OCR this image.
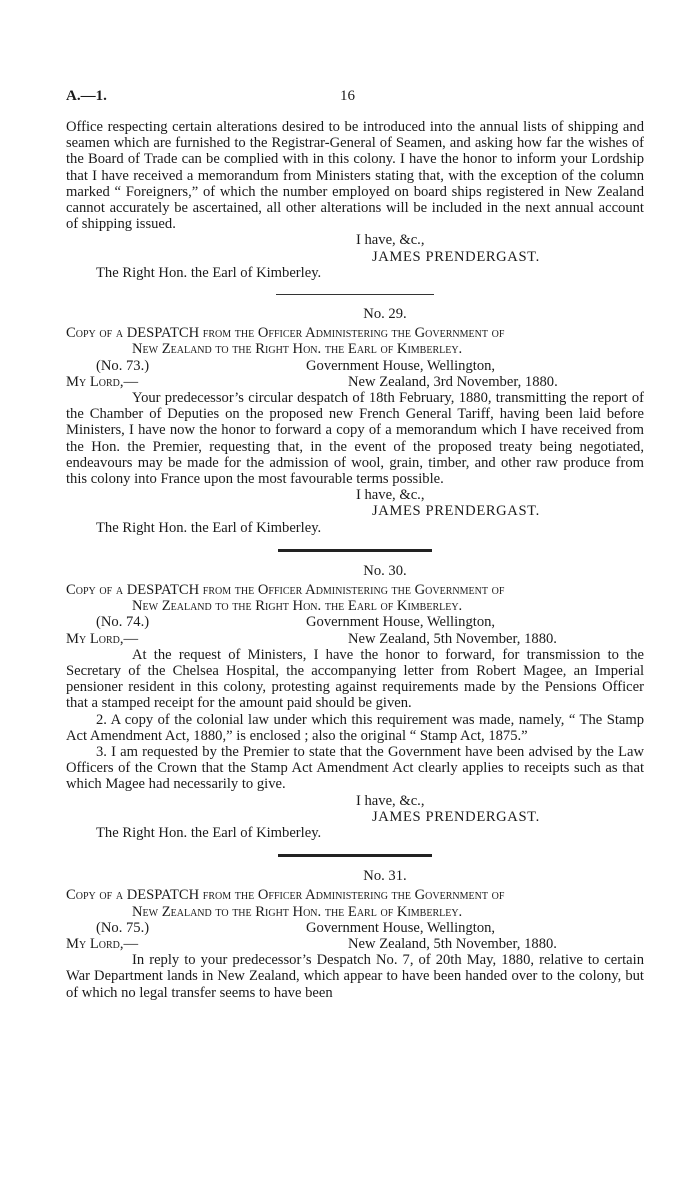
A.—1.	16

Office respecting certain alterations desired to be introduced into the annual lists of shipping and seamen which are furnished to the Registrar-General of Seamen, and asking how far the wishes of the Board of Trade can be complied with in this colony. I have the honor to inform your Lordship that I have received a memorandum from Ministers stating that, with the exception of the column marked “ Foreigners,” of which the number employed on board ships registered in New Zealand cannot accurately be ascertained, all other alterations will be included in the next annual account of shipping issued.

I have, &c.,

JAMES PRENDERGAST.

The Right Hon. the Earl of Kimberley.

No. 29.

Copy of a DESPATCH from the Officer Administering the Government of
New Zealand to the Right Hon. the Earl of Kimberley.

(No. 73.)	Government House, Wellington,
My Lord,—	New Zealand, 3rd November, 1880.

Your predecessor’s circular despatch of 18th February, 1880, transmitting the report of the Chamber of Deputies on the proposed new French General Tariff, having been laid before Ministers, I have now the honor to forward a copy of a memorandum which I have received from the Hon. the Premier, requesting that, in the event of the proposed treaty being negotiated, endeavours may be made for the admission of wool, grain, timber, and other raw produce from this colony into France upon the most favourable terms possible.

I have, &c.,

JAMES PRENDERGAST.

The Right Hon. the Earl of Kimberley.

No. 30.

Copy of a DESPATCH from the Officer Administering the Government of
New Zealand to the Right Hon. the Earl of Kimberley.

(No. 74.)	Government House, Wellington,
My Lord,—	New Zealand, 5th November, 1880.

At the request of Ministers, I have the honor to forward, for transmission to the Secretary of the Chelsea Hospital, the accompanying letter from Robert Magee, an Imperial pensioner resident in this colony, protesting against requirements made by the Pensions Officer that a stamped receipt for the amount paid should be given.

2. A copy of the colonial law under which this requirement was made, namely, “ The Stamp Act Amendment Act, 1880,” is enclosed ; also the original “ Stamp Act, 1875.”

3. I am requested by the Premier to state that the Government have been advised by the Law Officers of the Crown that the Stamp Act Amendment Act clearly applies to receipts such as that which Magee had necessarily to give.

I have, &c.,

JAMES PRENDERGAST.

The Right Hon. the Earl of Kimberley.

No. 31.

Copy of a DESPATCH from the Officer Administering the Government of
New Zealand to the Right Hon. the Earl of Kimberley.

(No. 75.)	Government House, Wellington,
My Lord,—	New Zealand, 5th November, 1880.

In reply to your predecessor’s Despatch No. 7, of 20th May, 1880, relative to certain War Department lands in New Zealand, which appear to have been handed over to the colony, but of which no legal transfer seems to have been
